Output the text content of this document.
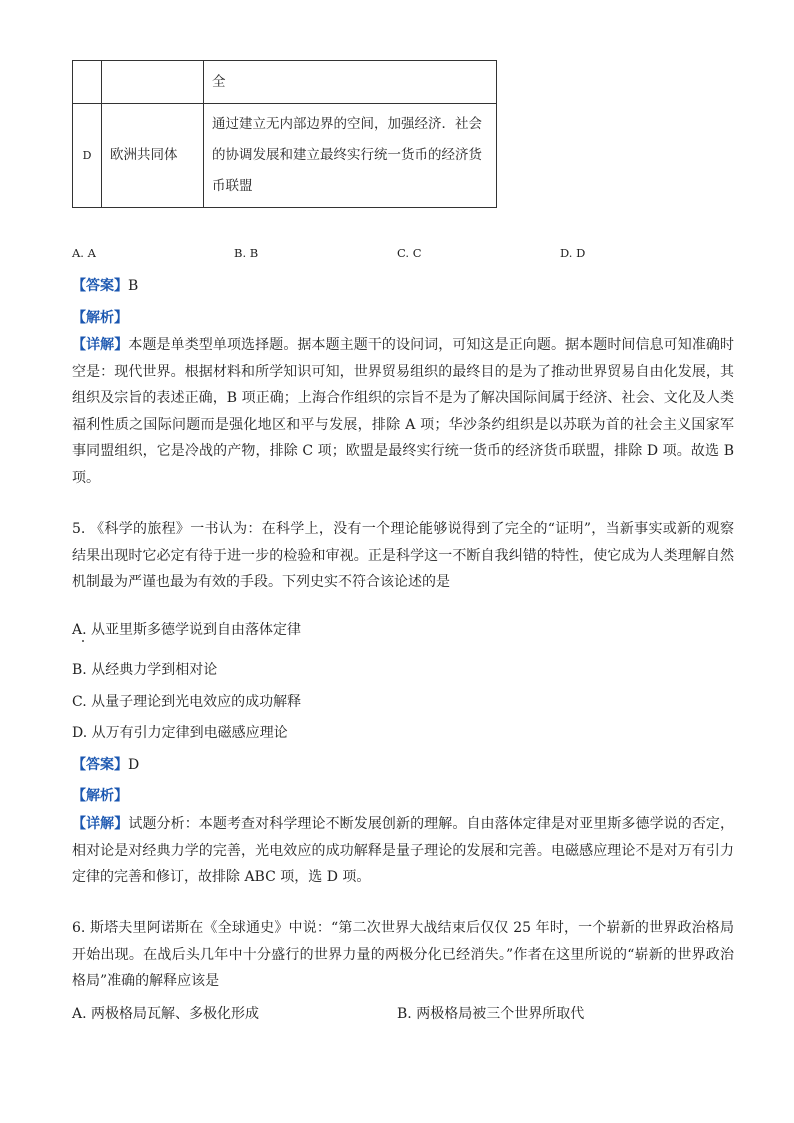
		全
D	欧洲共同体	通过建立无内部边界的空间，加强经济．社会的协调发展和建立最终实行统一货币的经济货币联盟
A. A	B. B	C. C	D. D
【答案】B
【解析】
【详解】本题是单类型单项选择题。据本题主题干的设问词，可知这是正向题。据本题时间信息可知准确时空是：现代世界。根据材料和所学知识可知，世界贸易组织的最终目的是为了推动世界贸易自由化发展，其组织及宗旨的表述正确，B 项正确；上海合作组织的宗旨不是为了解决国际间属于经济、社会、文化及人类福利性质之国际问题而是强化地区和平与发展，排除 A 项；华沙条约组织是以苏联为首的社会主义国家军事同盟组织，它是冷战的产物，排除 C 项；欧盟是最终实行统一货币的经济货币联盟，排除 D 项。故选 B 项。
5. 《科学的旅程》一书认为：在科学上，没有一个理论能够说得到了完全的“证明”，当新事实或新的观察结果出现时它必定有待于进一步的检验和审视。正是科学这一不断自我纠错的特性，使它成为人类理解自然机制最为严谨也最为有效的手段。下列史实不符合该论述的是
A. 从亚里斯多德学说到自由落体定律
B. 从经典力学到相对论
C. 从量子理论到光电效应的成功解释
D. 从万有引力定律到电磁感应理论
【答案】D
【解析】
【详解】试题分析：本题考查对科学理论不断发展创新的理解。自由落体定律是对亚里斯多德学说的否定，相对论是对经典力学的完善，光电效应的成功解释是量子理论的发展和完善。电磁感应理论不是对万有引力定律的完善和修订，故排除 ABC 项，选 D 项。
6. 斯塔夫里阿诺斯在《全球通史》中说：“第二次世界大战结束后仅仅 25 年时，一个崭新的世界政治格局开始出现。在战后头几年中十分盛行的世界力量的两极分化已经消失。”作者在这里所说的“崭新的世界政治格局”准确的解释应该是
A. 两极格局瓦解、多极化形成	B. 两极格局被三个世界所取代
